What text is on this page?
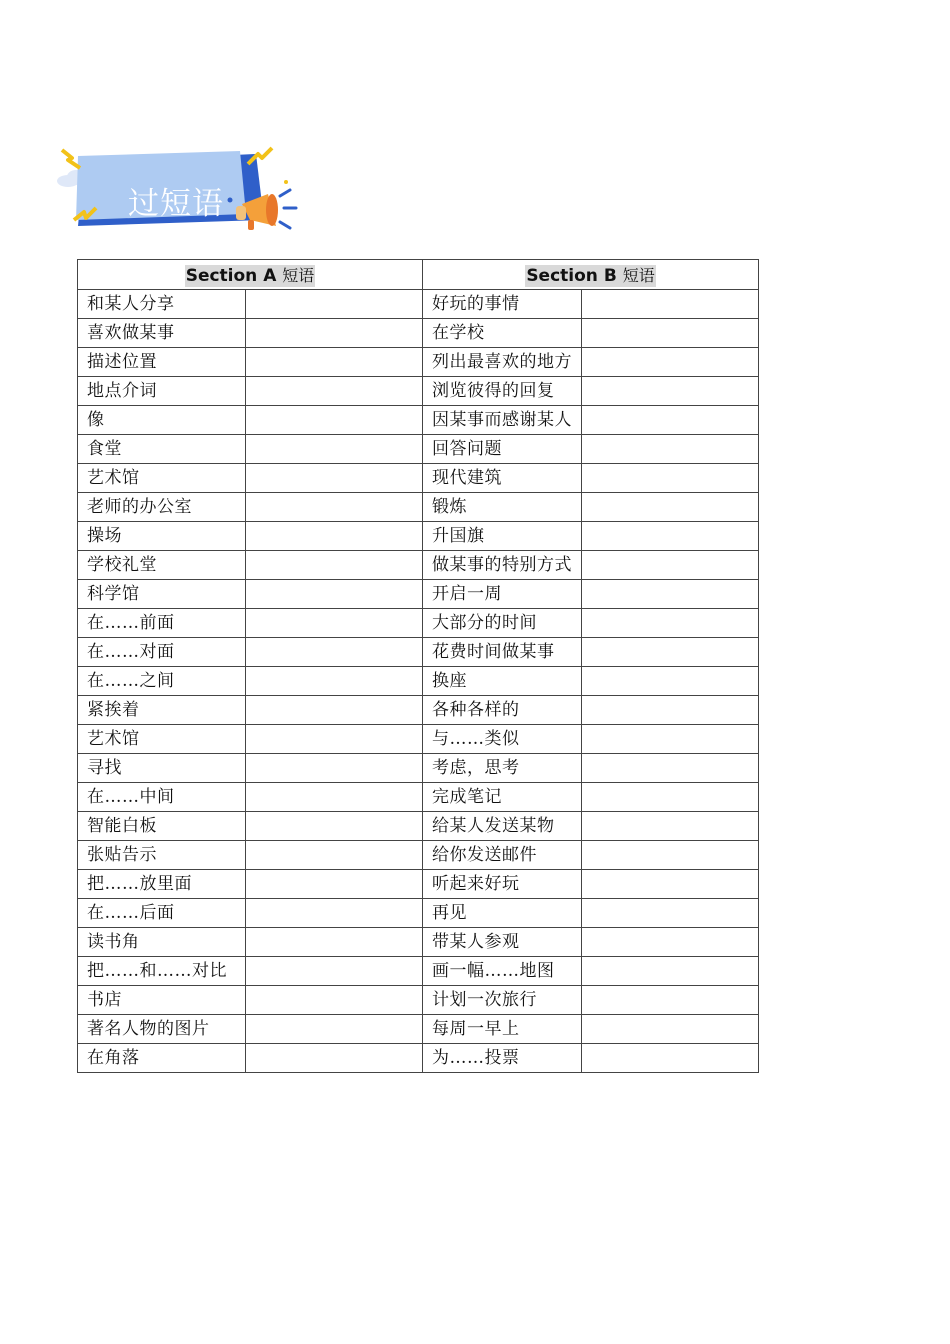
过短语
Section A 短语		Section B 短语	
和某人分享		好玩的事情	
喜欢做某事		在学校	
描述位置		列出最喜欢的地方	
地点介词		浏览彼得的回复	
像		因某事而感谢某人	
食堂		回答问题	
艺术馆		现代建筑	
老师的办公室		锻炼	
操场		升国旗	
学校礼堂		做某事的特别方式	
科学馆		开启一周	
在……前面		大部分的时间	
在……对面		花费时间做某事	
在……之间		换座	
紧挨着		各种各样的	
艺术馆		与……类似	
寻找		考虑，思考	
在……中间		完成笔记	
智能白板		给某人发送某物	
张贴告示		给你发送邮件	
把……放里面		听起来好玩	
在……后面		再见	
读书角		带某人参观	
把……和……对比		画一幅……地图	
书店		计划一次旅行	
著名人物的图片		每周一早上	
在角落		为……投票	
